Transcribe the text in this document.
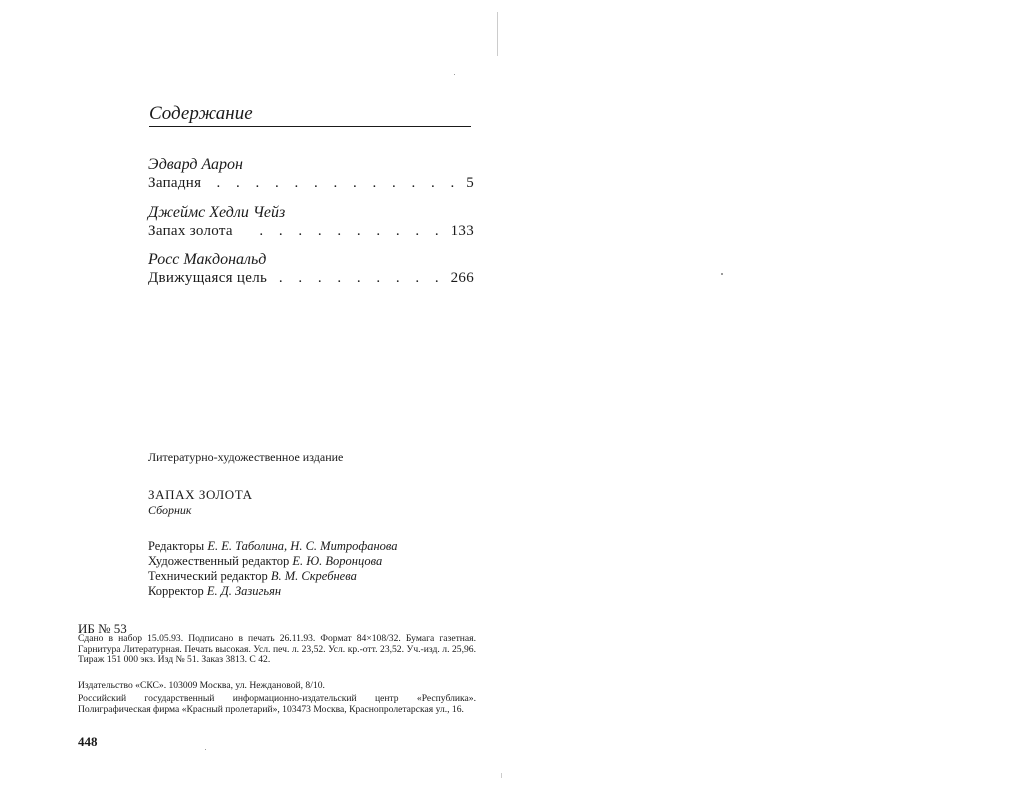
Содержание
Эдвард Аарон
Западня	. . . . . . . . . . . . . 5
Джеймс Хедли Чейз
Запах золота	. . . . . . . . . . 133
Росс Макдональд
Движущаяся цель . . . . . . . . . 266
Литературно-художественное издание
ЗАПАХ ЗОЛОТА
Сборник
Редакторы Е. Е. Таболина, Н. С. Митрофанова
Художественный редактор Е. Ю. Воронцова
Технический редактор В. М. Скребнева
Корректор Е. Д. Зазигьян
ИБ № 53
Сдано в набор 15.05.93. Подписано в печать 26.11.93. Формат 84×108/32. Бумага газетная. Гарнитура Литературная. Печать высокая. Усл. печ. л. 23,52. Усл. кр.-отт. 23,52. Уч.-изд. л. 25,96. Тираж 151 000 экз. Изд № 51. Заказ 3813. С 42.
Издательство «СКС». 103009 Москва, ул. Неждановой, 8/10.
Российский государственный информационно-издательский центр «Республика». Полиграфическая фирма «Красный пролетарий», 103473 Москва, Краснопролетарская ул., 16.
448
